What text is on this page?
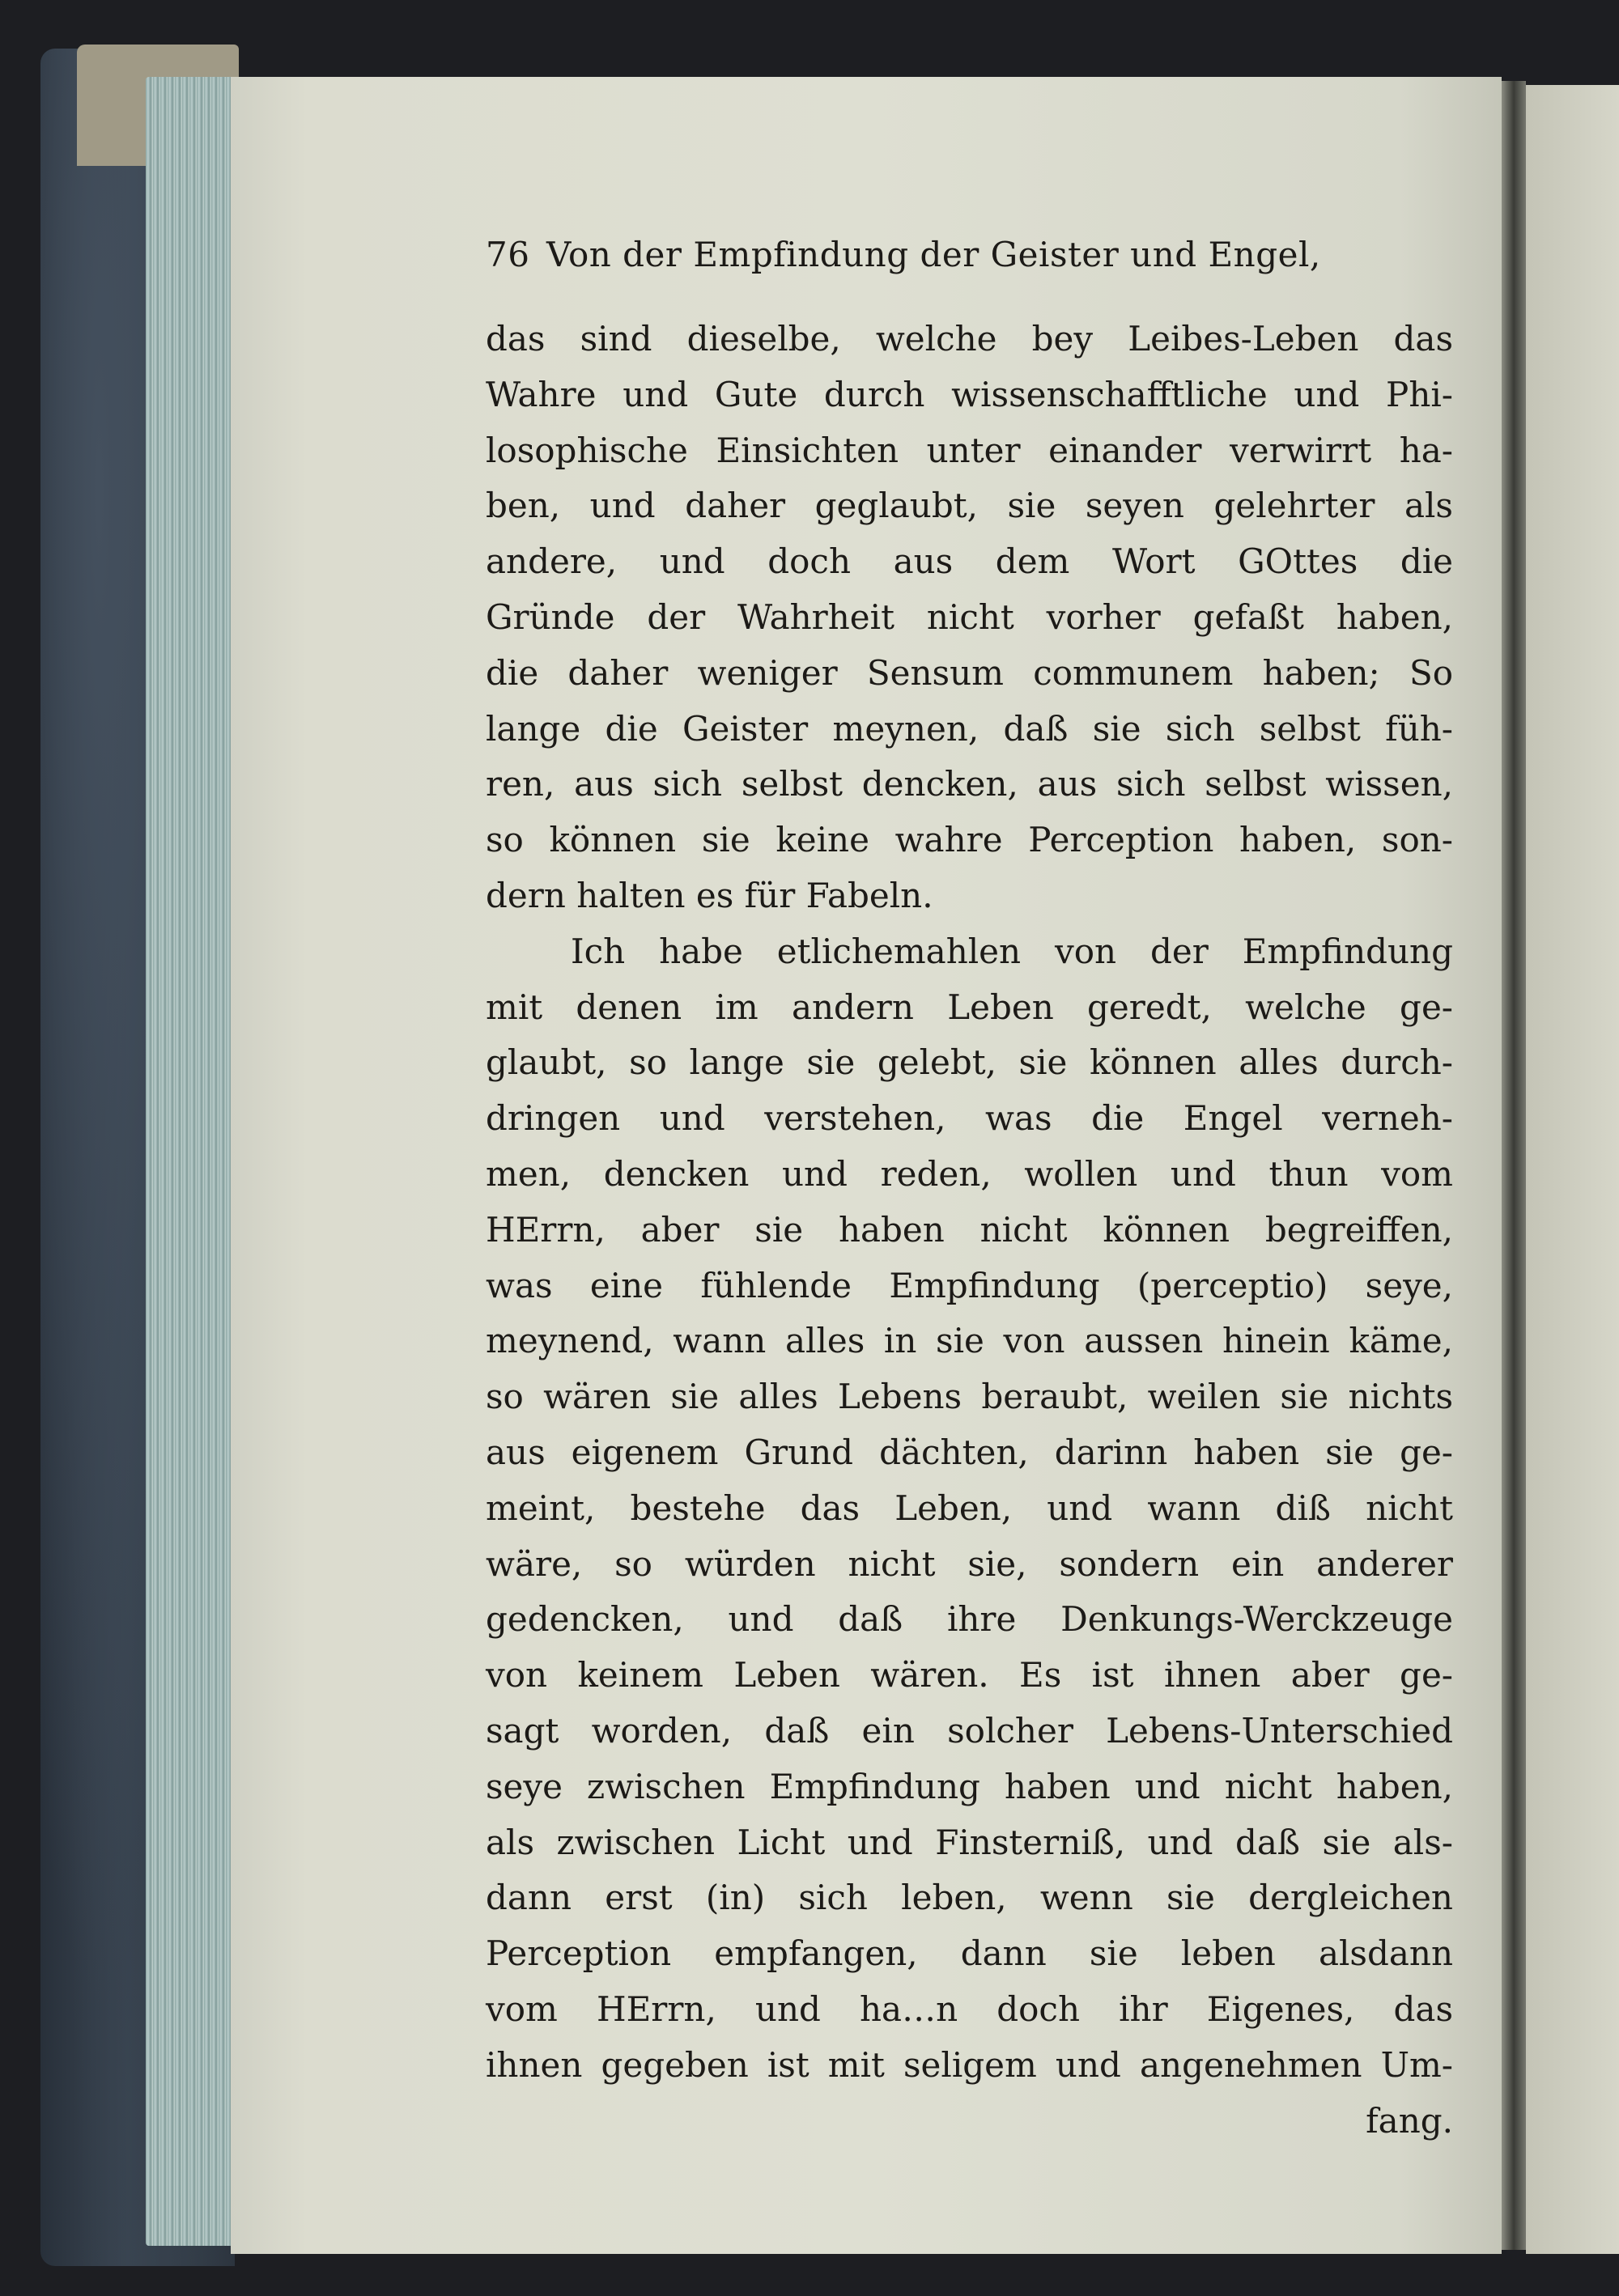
76 Von der Empfindung der Geister und Engel,
das sind dieselbe, welche bey Leibes-Leben das
Wahre und Gute durch wissenschafftliche und Phi-
losophische Einsichten unter einander verwirrt ha-
ben, und daher geglaubt, sie seyen gelehrter als
andere, und doch aus dem Wort GOttes die
Gründe der Wahrheit nicht vorher gefaßt haben,
die daher weniger Sensum communem haben; So
lange die Geister meynen, daß sie sich selbst füh-
ren, aus sich selbst dencken, aus sich selbst wissen,
so können sie keine wahre Perception haben, son-
dern halten es für Fabeln.
Ich habe etlichemahlen von der Empfindung
mit denen im andern Leben geredt, welche ge-
glaubt, so lange sie gelebt, sie können alles durch-
dringen und verstehen, was die Engel verneh-
men, dencken und reden, wollen und thun vom
HErrn, aber sie haben nicht können begreiffen,
was eine fühlende Empfindung (perceptio) seye,
meynend, wann alles in sie von aussen hinein käme,
so wären sie alles Lebens beraubt, weilen sie nichts
aus eigenem Grund dächten, darinn haben sie ge-
meint, bestehe das Leben, und wann diß nicht
wäre, so würden nicht sie, sondern ein anderer
gedencken, und daß ihre Denkungs-Werckzeuge
von keinem Leben wären. Es ist ihnen aber ge-
sagt worden, daß ein solcher Lebens-Unterschied
seye zwischen Empfindung haben und nicht haben,
als zwischen Licht und Finsterniß, und daß sie als-
dann erst (in) sich leben, wenn sie dergleichen
Perception empfangen, dann sie leben alsdann
vom HErrn, und ha…n doch ihr Eigenes, das
ihnen gegeben ist mit seligem und angenehmen Um-
fang.
